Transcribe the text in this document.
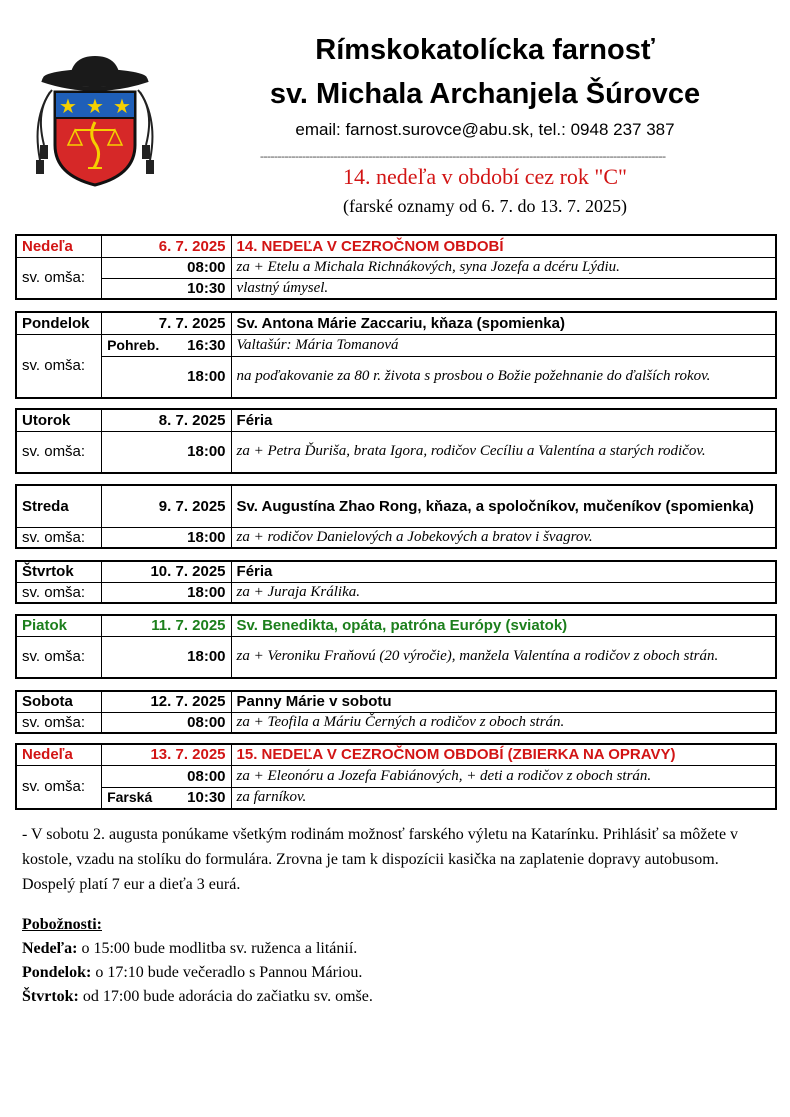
★ ★ ★
Rímskokatolícka farnosť
sv. Michala Archanjela Šúrovce
email: farnost.surovce@abu.sk, tel.: 0948 237 387
--------------------------------------------------------------------------------------------------------------------
14. nedeľa v období cez rok "C"
(farské oznamy od 6. 7. do 13. 7. 2025)
Nedeľa	6. 7. 2025	14. NEDEĽA V CEZROČNOM OBDOBÍ
sv. omša:	08:00	za + Etelu a Michala Richnákových, syna Jozefa a dcéru Lýdiu.
	10:30	vlastný úmysel.
Pondelok	7. 7. 2025	Sv. Antona Márie Zaccariu, kňaza (spomienka)
sv. omša:	Pohreb. 16:30	Valtašúr: Mária Tomanová
	18:00	na poďakovanie za 80 r. života s prosbou o Božie požehnanie do ďalších rokov.
Utorok	8. 7. 2025	Féria
sv. omša:	18:00	za + Petra Ďuriša, brata Igora, rodičov Cecíliu a Valentína a starých rodičov.
Streda	9. 7. 2025	Sv. Augustína Zhao Rong, kňaza, a spoločníkov, mučeníkov (spomienka)
sv. omša:	18:00	za + rodičov Danielových a Jobekových a bratov i švagrov.
Štvrtok	10. 7. 2025	Féria
sv. omša:	18:00	za + Juraja Králika.
Piatok	11. 7. 2025	Sv. Benedikta, opáta, patróna Európy (sviatok)
sv. omša:	18:00	za + Veroniku Fraňovú (20 výročie), manžela Valentína a rodičov z oboch strán.
Sobota	12. 7. 2025	Panny Márie v sobotu
sv. omša:	08:00	za + Teofila a Máriu Černých a rodičov z oboch strán.
Nedeľa	13. 7. 2025	15. NEDEĽA V CEZROČNOM OBDOBÍ (ZBIERKA NA OPRAVY)
sv. omša:	08:00	za + Eleonóru a Jozefa Fabiánových, + deti a rodičov z oboch strán.

	Farská 10:30	za farníkov.

- V sobotu 2. augusta ponúkame všetkým rodinám možnosť farského výletu na Katarínku. Prihlásiť sa môžete v kostole, vzadu na stolíku do formulára. Zrovna je tam k dispozícii kasička na zaplatenie dopravy autobusom. Dospelý platí 7 eur a dieťa 3 eurá.

Pobožnosti:
Nedeľa: o 15:00 bude modlitba sv. ruženca a litánií.
Pondelok: o 17:10 bude večeradlo s Pannou Máriou.
Štvrtok: od 17:00 bude adorácia do začiatku sv. omše.
